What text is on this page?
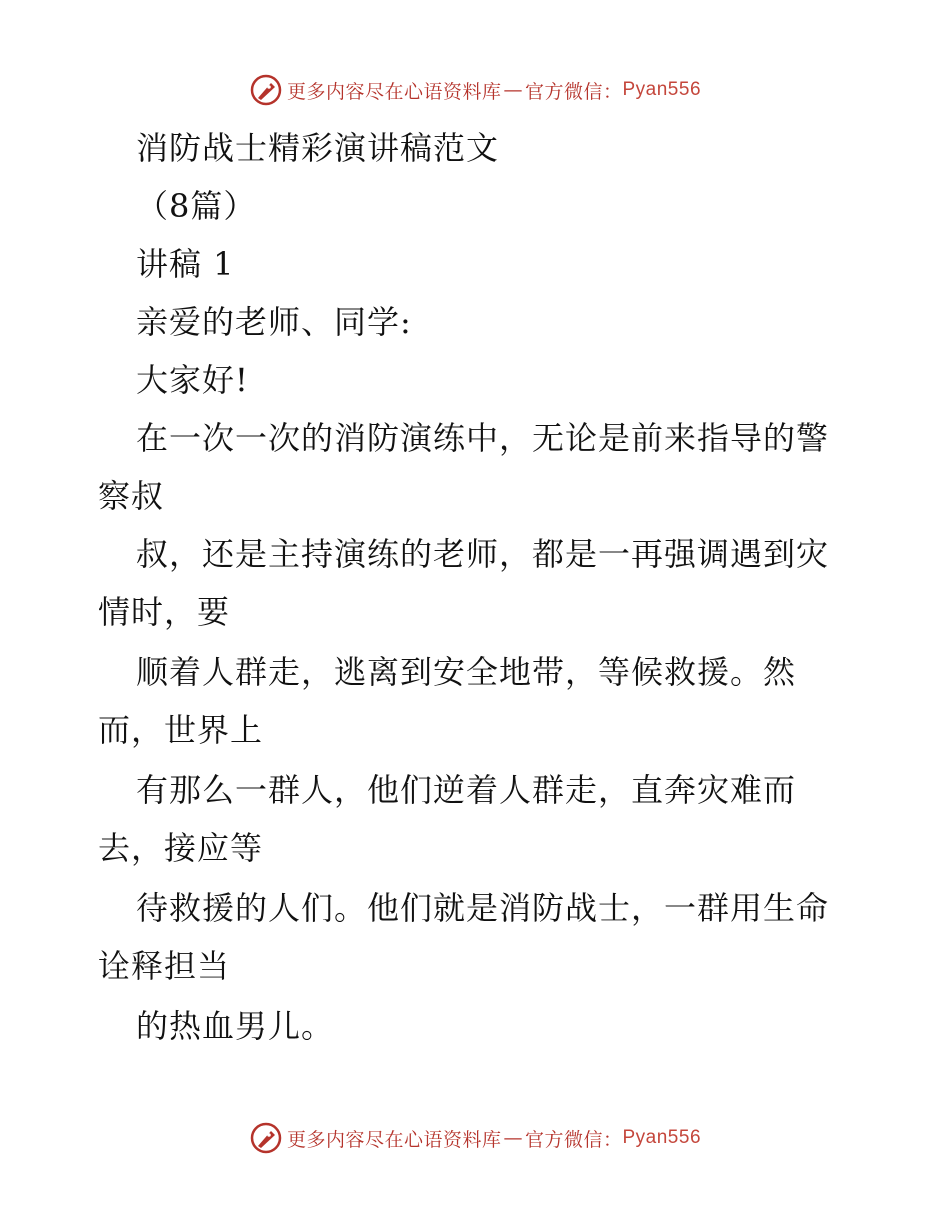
更多内容尽在心语资料库 — 官方微信： Pyan556
消防战士精彩演讲稿范文
（8篇）
讲稿 1
亲爱的老师、同学:
大家好!
在一次一次的消防演练中，无论是前来指导的警
察叔
叔，还是主持演练的老师，都是一再强调遇到灾
情时，要
顺着人群走，逃离到安全地带，等候救援。然
而，世界上
有那么一群人，他们逆着人群走，直奔灾难而
去，接应等
待救援的人们。他们就是消防战士，一群用生命
诠释担当
的热血男儿。
更多内容尽在心语资料库 — 官方微信： Pyan556
